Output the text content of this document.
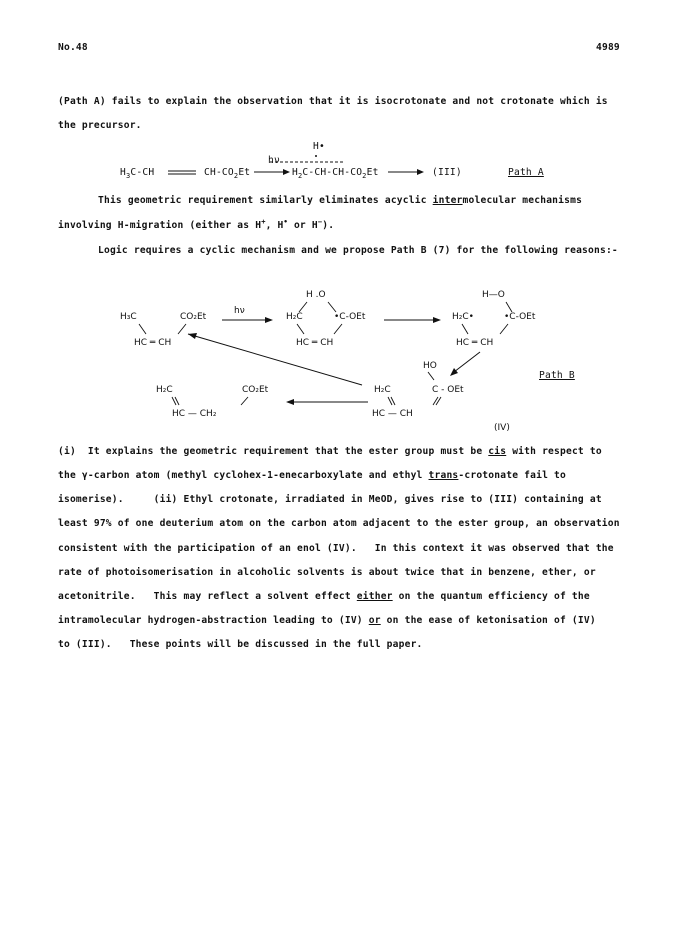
No.48	4989
(Path A) fails to explain the observation that it is isocrotonate and not crotonate which is
the precursor.
H•
$H_3C-CH$	$CH-CO_2Et$
hν
$H_2C-CH-CH-CO_2Et$	(III)	Path A
This geometric requirement similarly eliminates acyclic intermolecular mechanisms
involving H-migration (either as H+, H• or H−).
Logic requires a cyclic mechanism and we propose Path B (7) for the following reasons:-
H₃C	CO₂Et
HC ═ CH
hν
H .O
H₂C	•C-OEt
HC ═ CH
H—O
H₂C•	•C-OEt
HC ═ CH
HO
H₂C	C - OEt
HC — CH
(IV)
H₂C	CO₂Et
HC — CH₂
Path B
(i)  It explains the geometric requirement that the ester group must be cis with respect to
the γ-carbon atom (methyl cyclohex-1-enecarboxylate and ethyl trans-crotonate fail to
isomerise).     (ii) Ethyl crotonate, irradiated in MeOD, gives rise to (III) containing at
least 97% of one deuterium atom on the carbon atom adjacent to the ester group, an observation
consistent with the participation of an enol (IV).   In this context it was observed that the
rate of photoisomerisation in alcoholic solvents is about twice that in benzene, ether, or
acetonitrile.   This may reflect a solvent effect either on the quantum efficiency of the
intramolecular hydrogen-abstraction leading to (IV) or on the ease of ketonisation of (IV)
to (III).   These points will be discussed in the full paper.
